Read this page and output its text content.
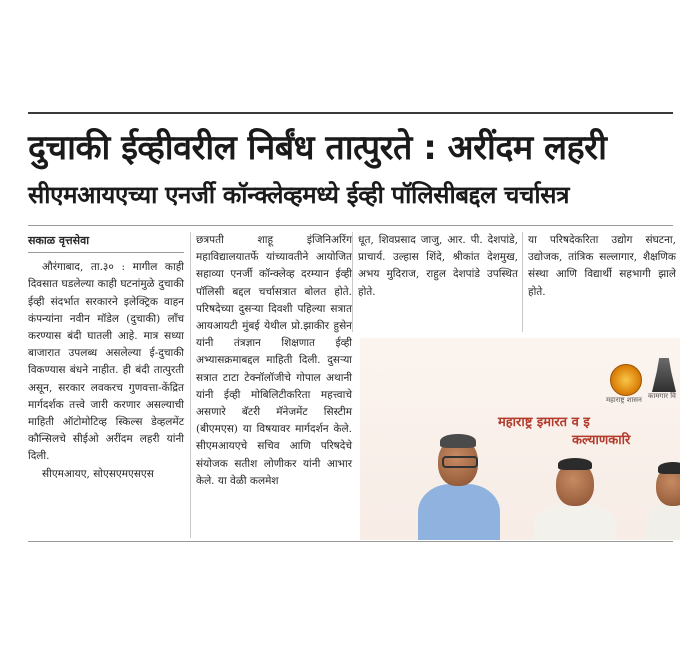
दुचाकी ईव्हीवरील निर्बंध तात्पुरते : अरींदम लहरी
सीएमआयएच्या एनर्जी कॉन्क्लेव्हमध्ये ईव्ही पॉलिसीबद्दल चर्चासत्र
सकाळ वृत्तसेवा

औरंगाबाद, ता.३० : मागील काही दिवसात घडलेल्या काही घटनांमुळे दुचाकी ईव्ही संदर्भात सरकारने इलेक्ट्रिक वाहन कंपन्यांना नवीन मॉडेल (दुचाकी) लॉंच करण्यास बंदी घातली आहे. मात्र सध्या बाजारात उपलब्ध असलेल्या ई-दुचाकी विकण्यास बंधने नाहीत. ही बंदी तात्पुरती असून, सरकार लवकरच गुणवत्ता-केंद्रित मार्गदर्शक तत्त्वे जारी करणार असल्याची माहिती ऑटोमोटिव्ह स्किल्स डेव्हलमेंट कौन्सिलचे सीईओ अरींदम लहरी यांनी दिली.

सीएमआयए, सोएसएमएसएस

छत्रपती शाहू इंजिनिअरिंग महाविद्यालयातर्फे यांच्यावतीने आयोजित सहाव्या एनर्जी कॉन्क्लेव्ह दरम्यान ईव्ही पॉलिसी बद्दल चर्चासत्रात बोलत होते. परिषदेच्या दुसऱ्या दिवशी पहिल्या सत्रात आयआयटी मुंबई येथील प्रो.झाकीर हुसेन यांनी तंत्रज्ञान शिक्षणात ईव्ही अभ्यासक्रमाबद्दल माहिती दिली. दुसऱ्या सत्रात टाटा टेक्नॉलॉजीचे गोपाल अथानी यांनी ईव्ही मोबिलिटीकरिता महत्त्वाचे असणारे बॅटरी मॅनेजमेंट सिस्टीम (बीएमएस) या विषयावर मार्गदर्शन केले. सीएमआयएचे सचिव आणि परिषदेचे संयोजक सतीश लोणीकर यांनी आभार केले. या वेळी कलमेश

धूत, शिवप्रसाद जाजु, आर. पी. देशपांडे, प्राचार्य. उल्हास शिंदे, श्रीकांत देशमुख, अभय मुदिराज, राहुल देशपांडे उपस्थित होते.

या परिषदेकरिता उद्योग संघटना, उद्योजक, तांत्रिक सल्लागार, शैक्षणिक संस्था आणि विद्यार्थी सहभागी झाले होते.

महाराष्ट्र शासन कामगार वि
महाराष्ट्र इमारत व इ
कल्याणकारि
